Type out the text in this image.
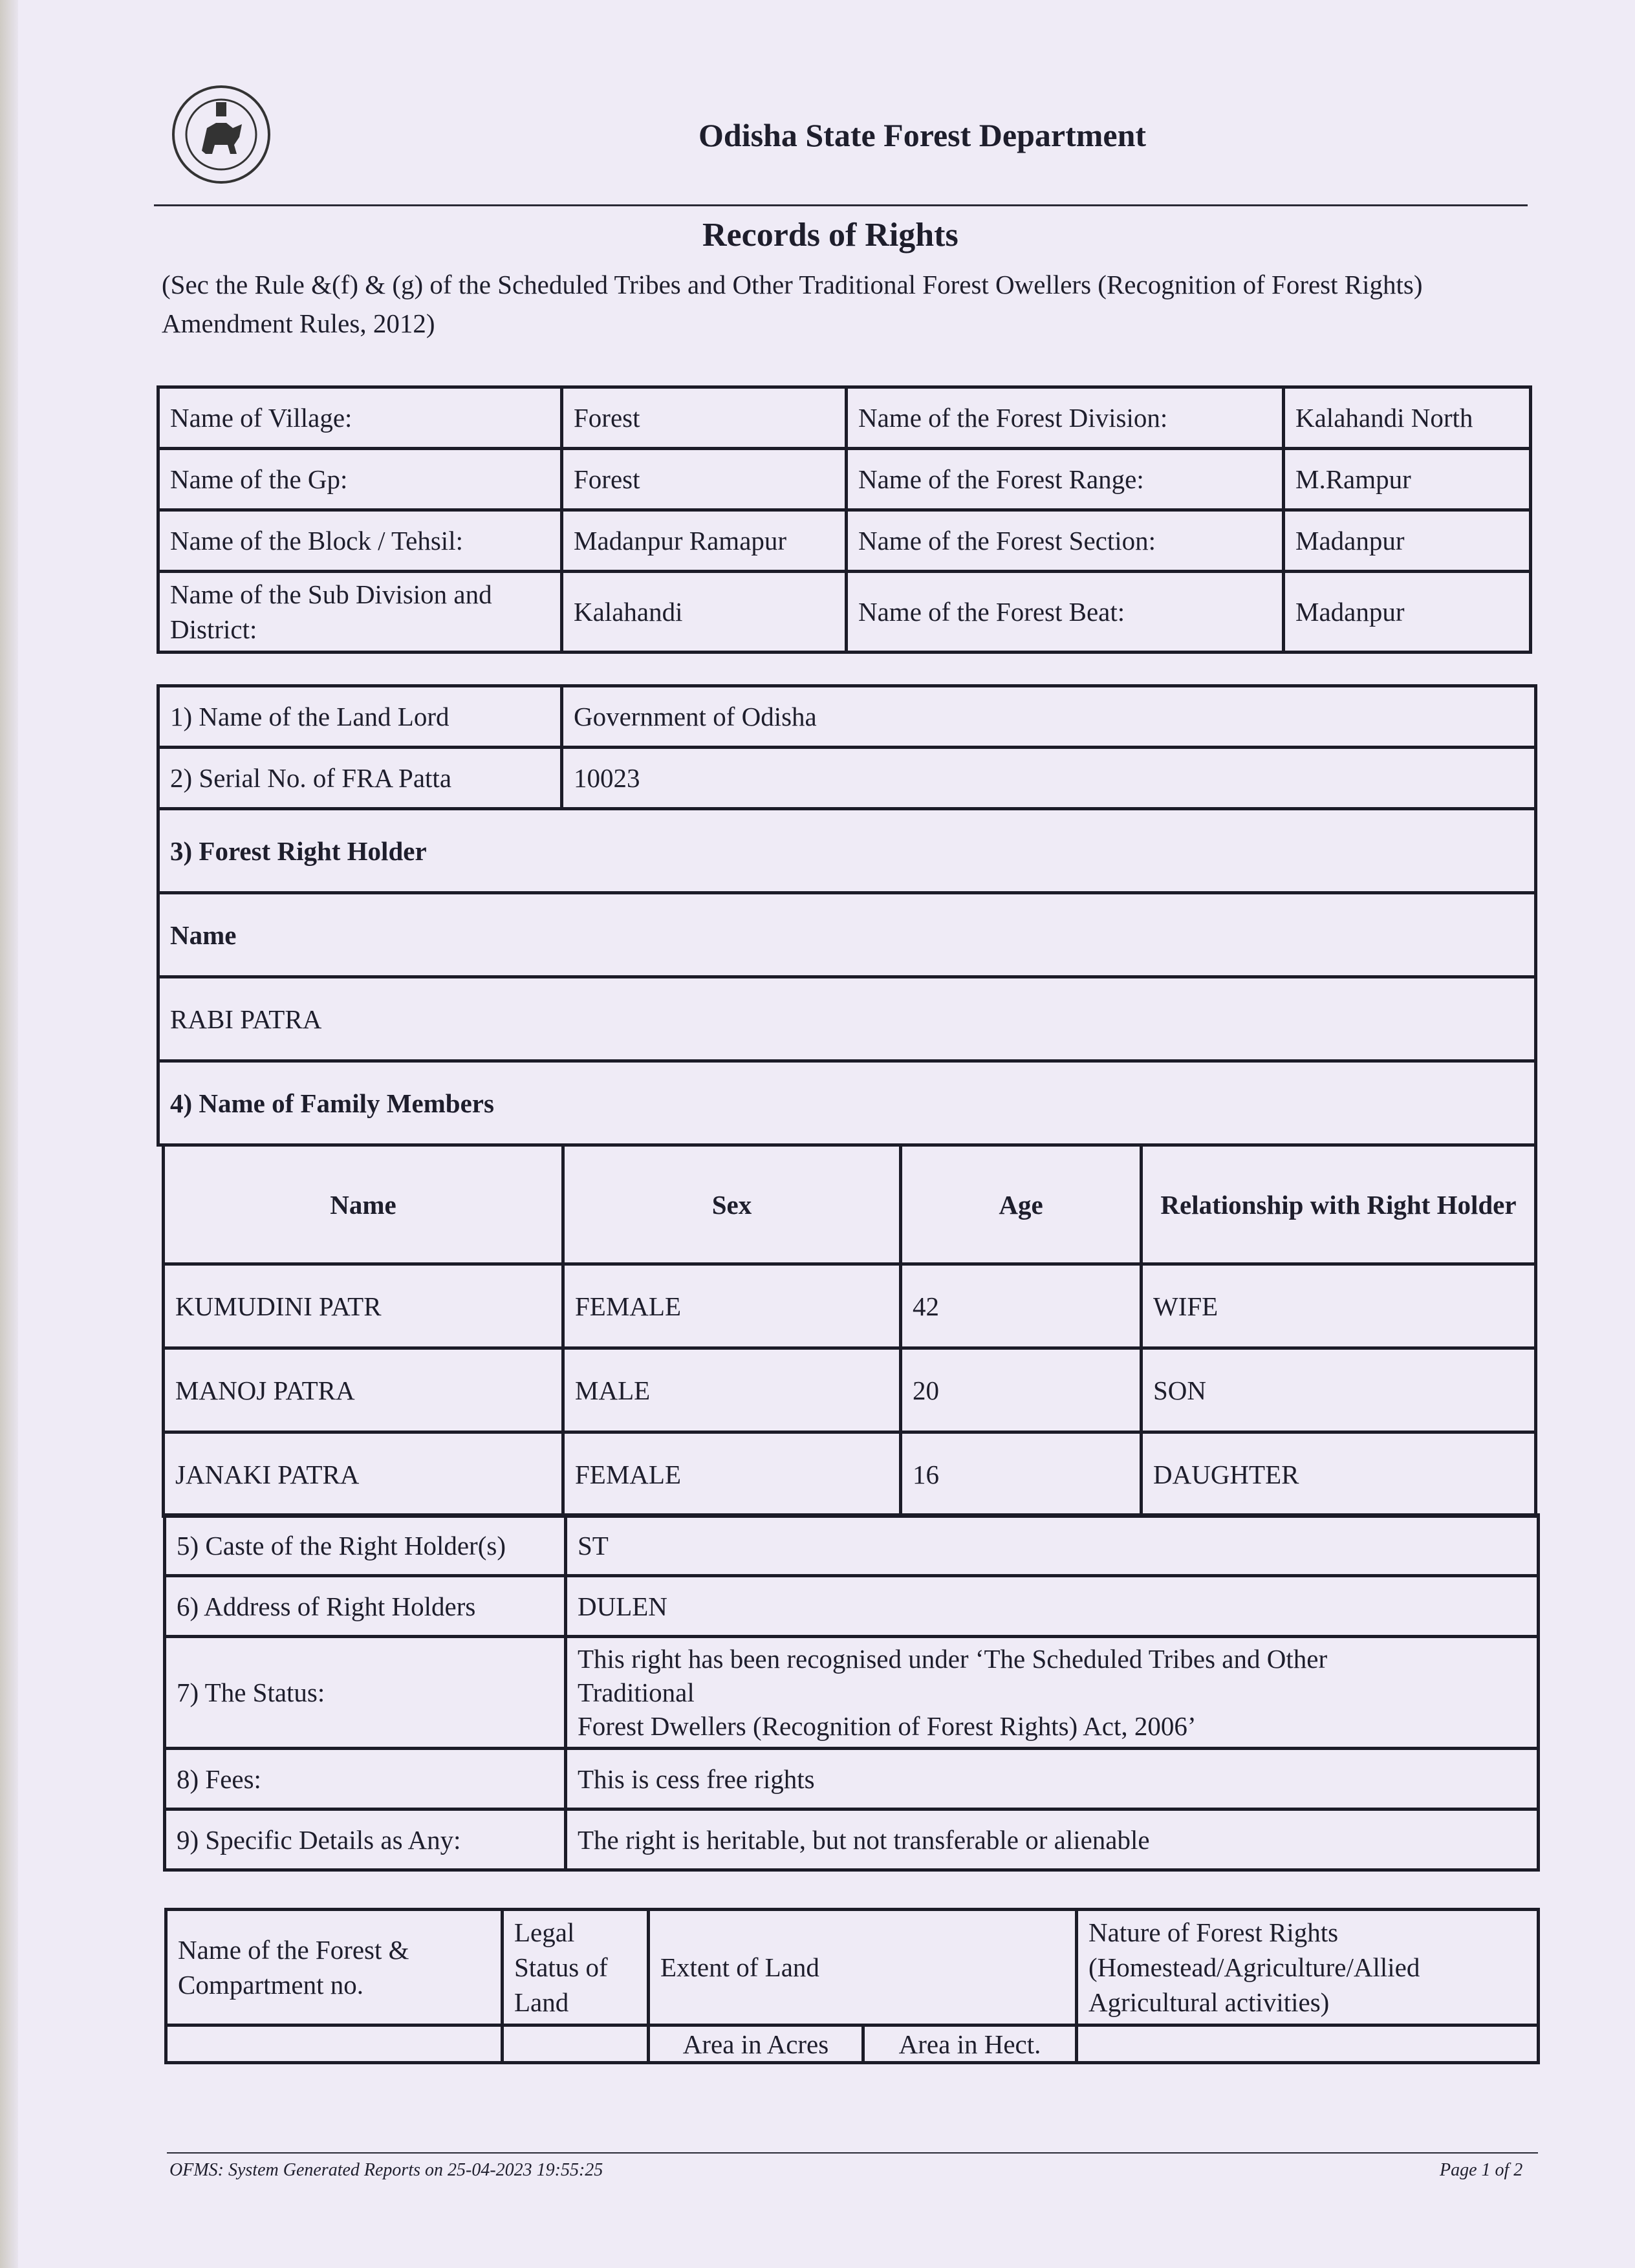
Odisha State Forest Department
Records of Rights
(Sec the Rule &(f) & (g) of the Scheduled Tribes and Other Traditional Forest Owellers (Recognition of Forest Rights) Amendment Rules, 2012)
Name of Village:	Forest	Name of the Forest Division:	Kalahandi North
Name of the Gp:	Forest	Name of the Forest Range:	M.Rampur
Name of the Block / Tehsil:	Madanpur Ramapur	Name of the Forest Section:	Madanpur
Name of the Sub Division and District:	Kalahandi	Name of the Forest Beat:	Madanpur
1) Name of the Land Lord	Government of Odisha
2) Serial No. of FRA Patta	10023
3) Forest Right Holder	
Name	
RABI PATRA	
4) Name of Family Members	
Name	Sex	Age	Relationship with Right Holder
KUMUDINI PATR	FEMALE	42	WIFE
MANOJ PATRA	MALE	20	SON
JANAKI PATRA	FEMALE	16	DAUGHTER
5) Caste of the Right Holder(s)	ST
6) Address of Right Holders	DULEN
7) The Status:	This right has been recognised under ‘The Scheduled Tribes and Other
Traditional
Forest Dwellers (Recognition of Forest Rights) Act, 2006’

8) Fees:	This is cess free rights
9) Specific Details as Any:	The right is heritable, but not transferable or alienable
Name of the Forest & Compartment no.	Legal Status of Land	Extent of Land		Nature of Forest Rights (Homestead/Agriculture/Allied Agricultural activities)
		Area in Acres	Area in Hect.	
OFMS: System Generated Reports on 25-04-2023 19:55:25	Page 1 of 2
